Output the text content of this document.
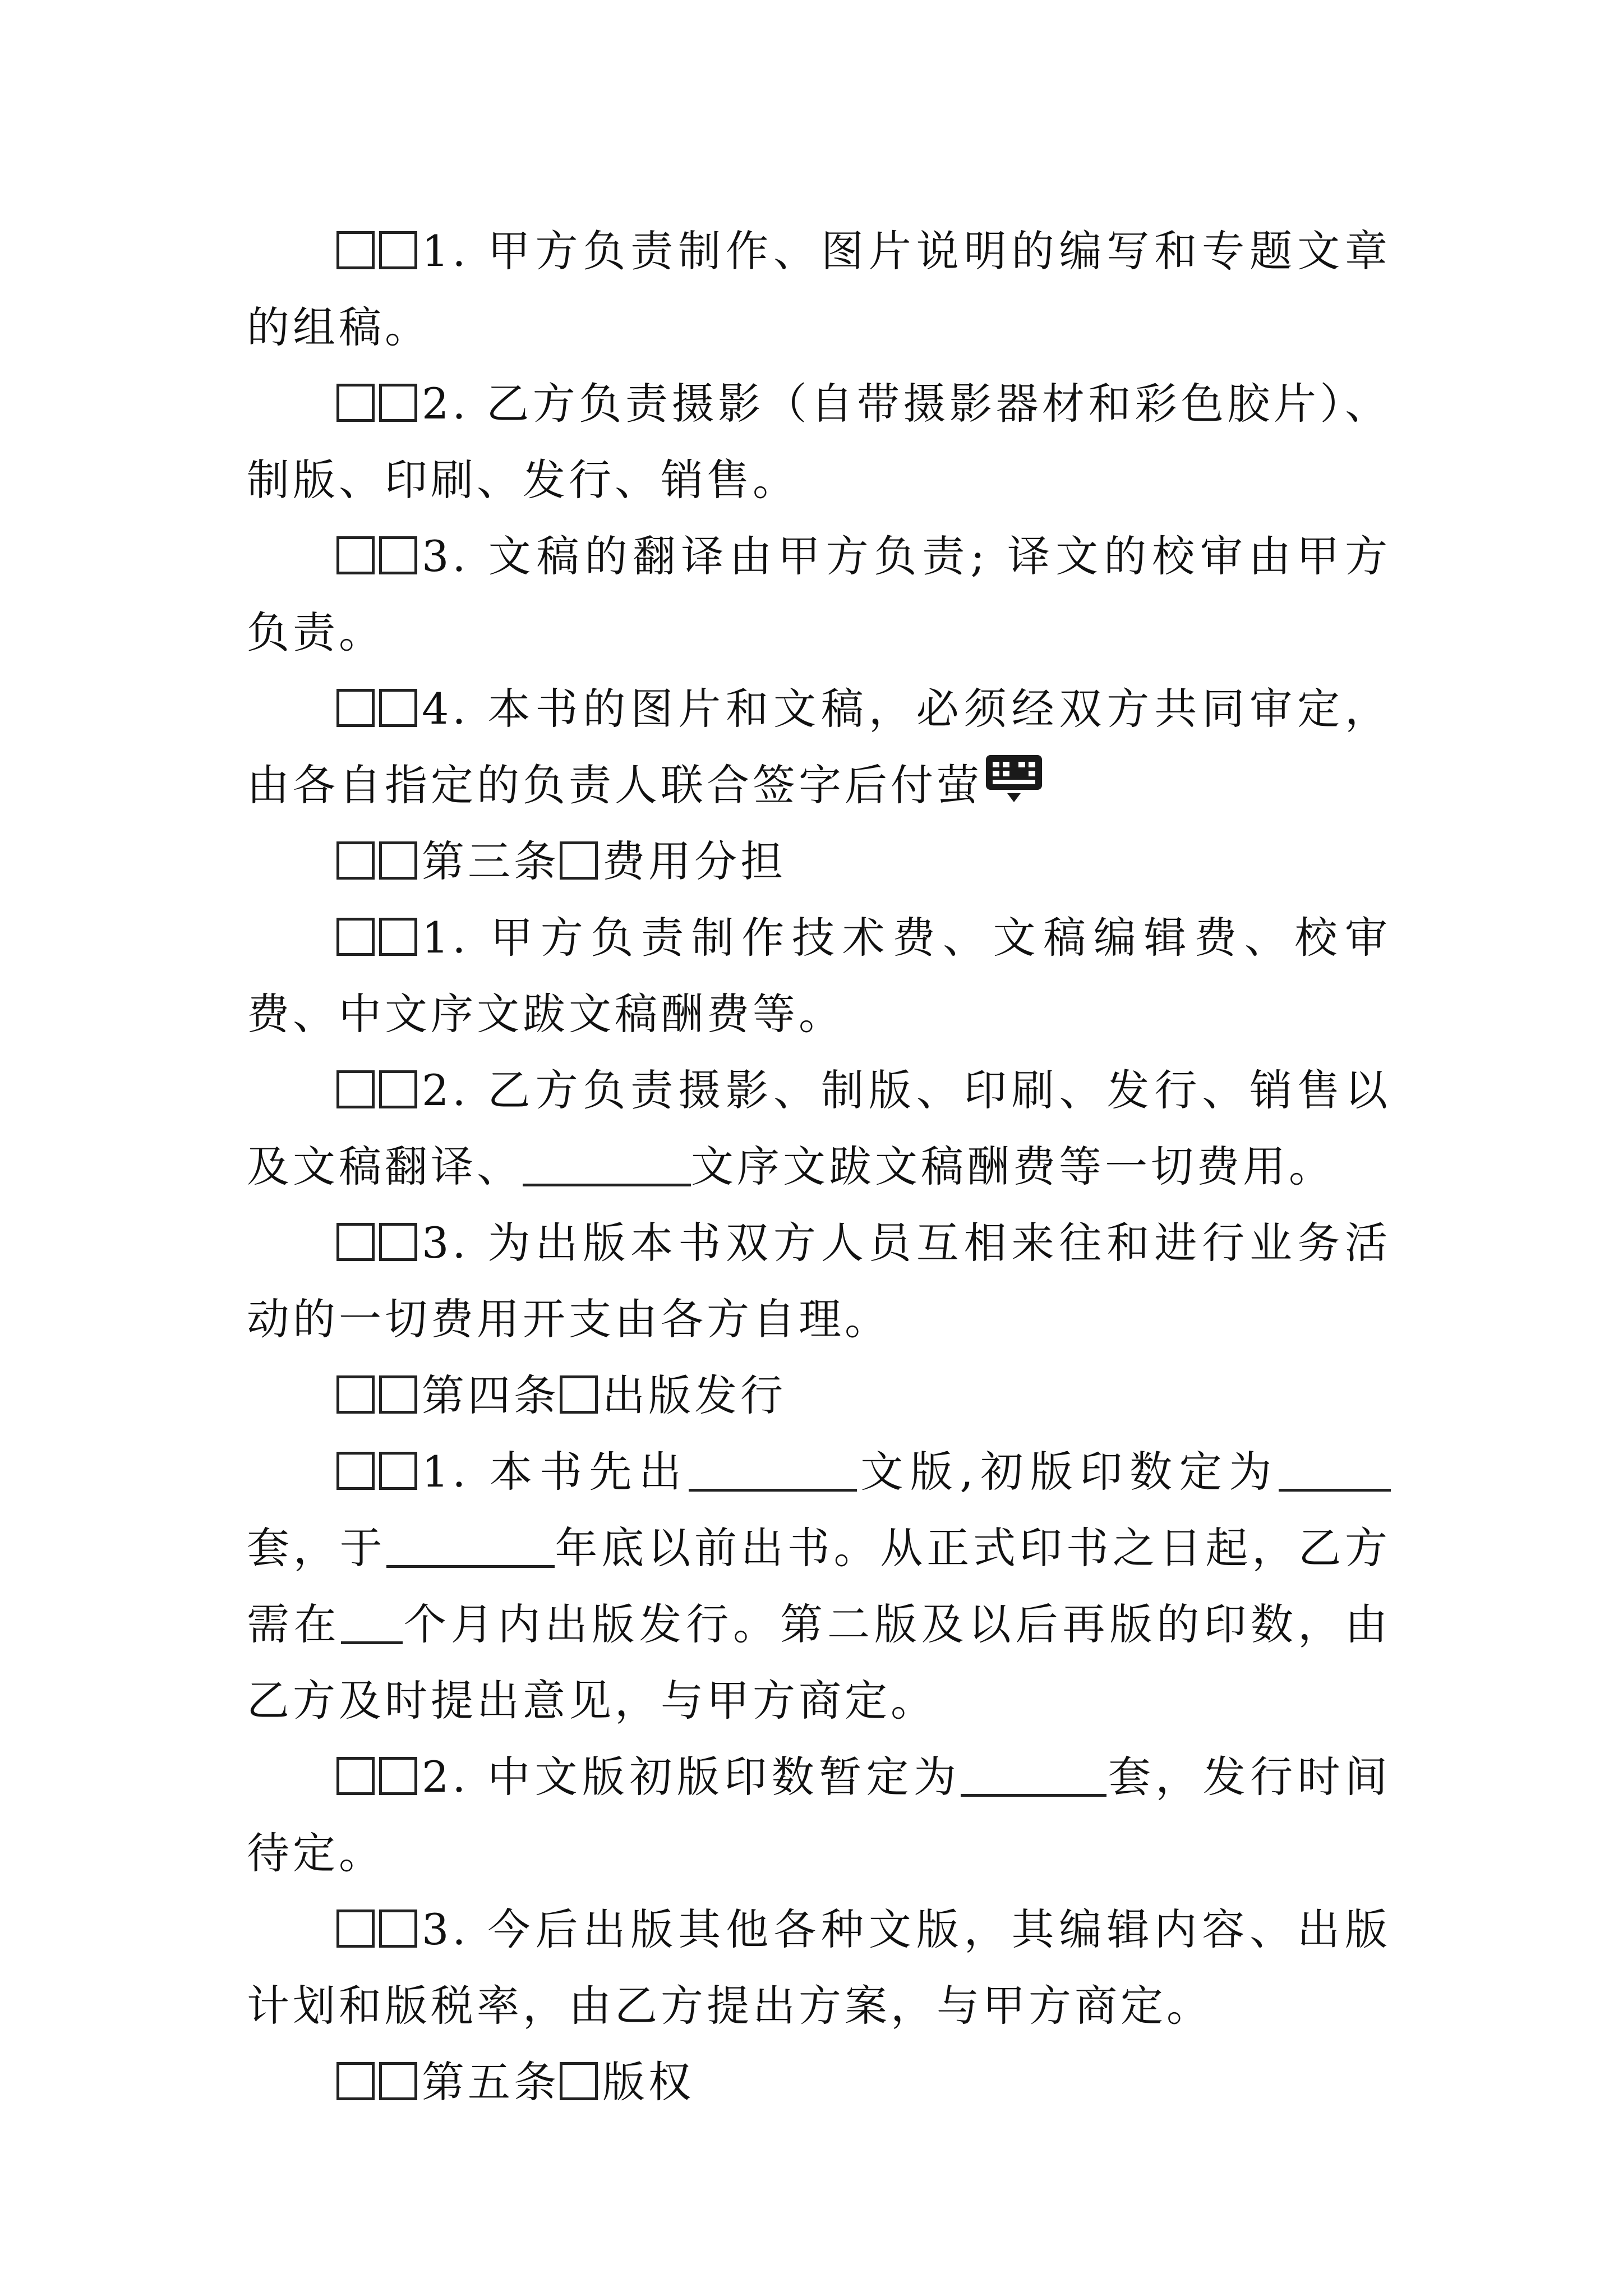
1. 甲方负责制作、图片说明的编写和专题文章的组稿。

2. 乙方负责摄影（自带摄影器材和彩色胶片）、制版、印刷、发行、销售。

3. 文稿的翻译由甲方负责; 译文的校审由甲方负责。

4. 本书的图片和文稿，必须经双方共同审定，由各自指定的负责人联合签字后付萤

第三条 费用分担

1. 甲方负责制作技术费、文稿编辑费、校审费、中文序文跋文稿酬费等。

2. 乙方负责摄影、制版、印刷、发行、销售以及文稿翻译、	文序文跋文稿酬费等一切费用。

3. 为出版本书双方人员互相来往和进行业务活动的一切费用开支由各方自理。

第四条 出版发行

1. 本书先出	文版,初版印数定为套，于	年底以前出书。从正式印书之日起，乙方需在 个月内出版发行。第二版及以后再版的印数，由乙方及时提出意见，与甲方商定。

2. 中文版初版印数暂定为	套，发行时间待定。

3. 今后出版其他各种文版，其编辑内容、出版计划和版税率，由乙方提出方案，与甲方商定。

第五条 版权
